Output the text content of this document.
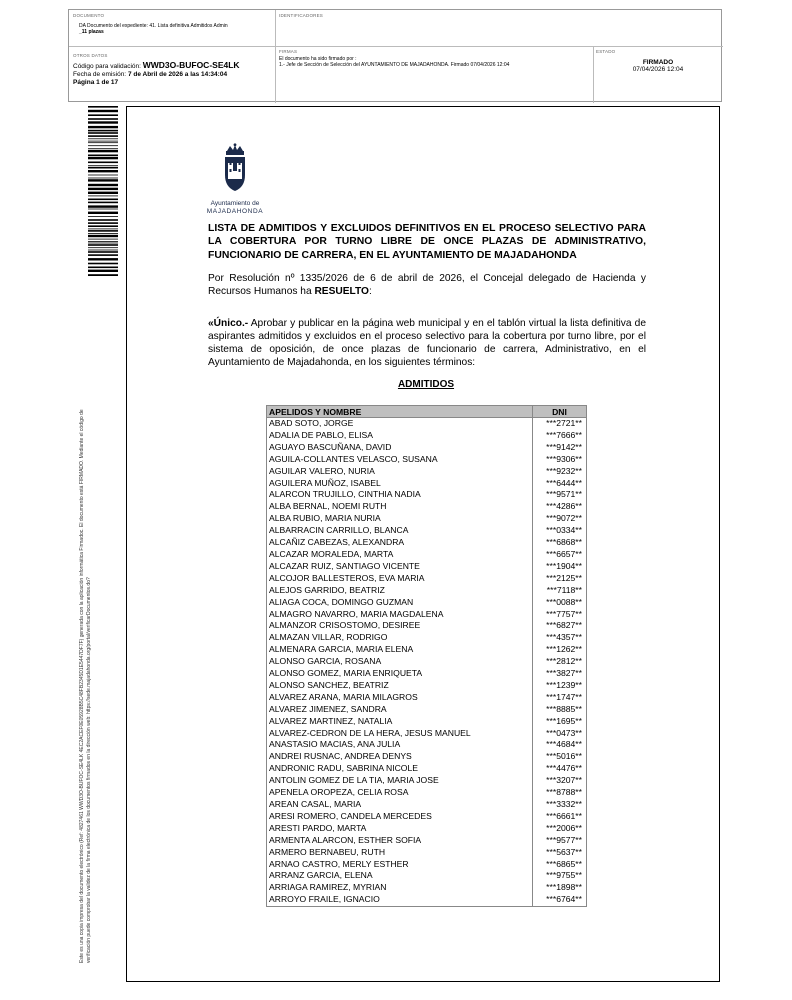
DOCUMENTO
DA Documento del expediente: 41. Lista definitiva Admitidos Admin
_11 plazas
IDENTIFICADORES
OTROS DATOS
Código para validación: WWD3O-BUFOC-SE4LK
Fecha de emisión: 7 de Abril de 2026 a las 14:34:04
Página 1 de 17
FIRMAS
El documento ha sido firmado por :
1.- Jefe de Sección de Selección del AYUNTAMIENTO DE MAJADAHONDA. Firmado 07/04/2026 12:04
ESTADO
FIRMADO
07/04/2026 12:04
Este es una copia impresa del documento electrónico (Ref: 4827461 WWD3O-BUFOC-SE4LK 4EC2ACEF0E05928B5C48FB2345D1E5447DF7F) generada con la aplicación informática Firmadoc. El documento está FIRMADO. Mediante el código de verificación puede comprobar la validez de la firma electrónica de los documentos firmados en la dirección web: https://sede.majadahonda.org/portal/verificarDocumentos.do?
Ayuntamiento de
MAJADAHONDA
LISTA DE ADMITIDOS Y EXCLUIDOS DEFINITIVOS EN EL PROCESO SELECTIVO PARA LA COBERTURA POR TURNO LIBRE DE ONCE PLAZAS DE ADMINISTRATIVO, FUNCIONARIO DE CARRERA, EN EL AYUNTAMIENTO DE MAJADAHONDA
Por Resolución nº 1335/2026 de 6 de abril de 2026, el Concejal delegado de Hacienda y Recursos Humanos ha RESUELTO:
«Único.- Aprobar y publicar en la página web municipal y en el tablón virtual la lista definitiva de aspirantes admitidos y excluidos en el proceso selectivo para la cobertura por turno libre, por el sistema de oposición, de once plazas de funcionario de carrera, Administrativo, en el Ayuntamiento de Majadahonda, en los siguientes términos:
ADMITIDOS
APELIDOS Y NOMBRE	DNI
ABAD SOTO, JORGE	***2721**
ADALIA DE PABLO, ELISA	***7666**
AGUAYO BASCUÑANA, DAVID	***9142**
AGUILA-COLLANTES VELASCO, SUSANA	***9306**
AGUILAR VALERO, NURIA	***9232**
AGUILERA MUÑOZ, ISABEL	***6444**
ALARCON TRUJILLO, CINTHIA NADIA	***9571**
ALBA BERNAL, NOEMI RUTH	***4286**
ALBA RUBIO, MARIA NURIA	***9072**
ALBARRACIN CARRILLO, BLANCA	***0334**
ALCAÑIZ CABEZAS, ALEXANDRA	***6868**
ALCAZAR MORALEDA, MARTA	***6657**
ALCAZAR RUIZ, SANTIAGO VICENTE	***1904**
ALCOJOR BALLESTEROS, EVA MARIA	***2125**
ALEJOS GARRIDO, BEATRIZ	***7118**
ALIAGA COCA, DOMINGO GUZMAN	***0088**
ALMAGRO NAVARRO, MARIA MAGDALENA	***7757**
ALMANZOR CRISOSTOMO, DESIREE	***6827**
ALMAZAN VILLAR, RODRIGO	***4357**
ALMENARA GARCIA, MARIA ELENA	***1262**
ALONSO GARCIA, ROSANA	***2812**
ALONSO GOMEZ, MARIA ENRIQUETA	***3827**
ALONSO SANCHEZ, BEATRIZ	***1239**
ALVAREZ ARANA, MARIA MILAGROS	***1747**
ALVAREZ JIMENEZ, SANDRA	***8885**
ALVAREZ MARTINEZ, NATALIA	***1695**
ALVAREZ-CEDRON DE LA HERA, JESUS MANUEL	***0473**
ANASTASIO MACIAS, ANA JULIA	***4684**
ANDREI RUSNAC, ANDREA DENYS	***5016**
ANDRONIC RADU, SABRINA NICOLE	***4476**
ANTOLIN GOMEZ DE LA TIA, MARIA JOSE	***3207**
APENELA OROPEZA, CELIA ROSA	***8788**
AREAN CASAL, MARIA	***3332**
ARESI ROMERO, CANDELA MERCEDES	***6661**
ARESTI PARDO, MARTA	***2006**
ARMENTA ALARCON, ESTHER SOFIA	***9577**
ARMERO BERNABEU, RUTH	***5637**
ARNAO CASTRO, MERLY ESTHER	***6865**
ARRANZ GARCIA, ELENA	***9755**
ARRIAGA RAMIREZ, MYRIAN	***1898**
ARROYO FRAILE, IGNACIO	***6764**
